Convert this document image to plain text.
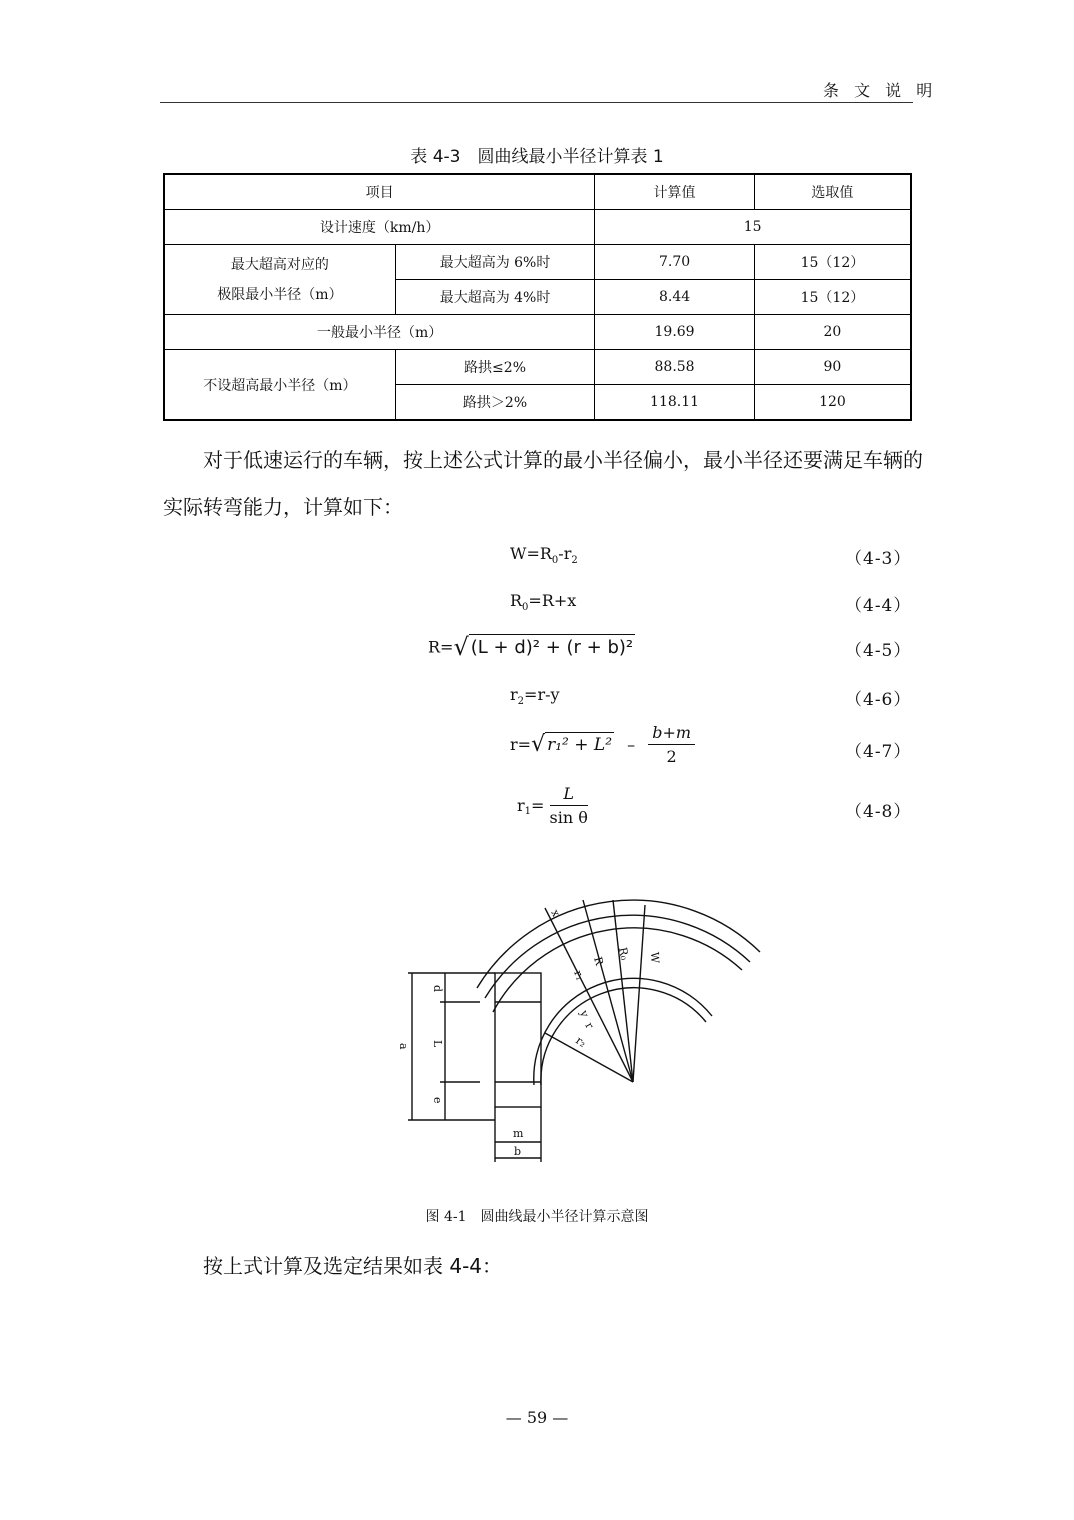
条 文 说 明
表 4-3　圆曲线最小半径计算表 1
项目		计算值	选取值
设计速度（km/h）		15	
最大超高对应的
极限最小半径（m）	最大超高为 6%时	7.70	15（12）
	最大超高为 4%时	8.44	15（12）
一般最小半径（m）		19.69	20
不设超高最小半径（m）	路拱≤2%	88.58	90
	路拱＞2%	118.11	120
对于低速运行的车辆，按上述公式计算的最小半径偏小，最小半径还要满足车辆的实际转弯能力，计算如下：
$W=R_0-r_2$	（4-3）
$R_0=R+x$	（4-4）
R=√ (L + d)² + (r + b)²	（4-5）
$r_2=r-y$	（4-6）
r=√ $r_1^2 + L^2 - \frac{b+m}{2}$	（4-7）
$r_1= \frac{L}{\text{sin θ}}$	（4-8）
x
R
R₀ W
r₁
y
r
r₂
d
L
e
a
m
b
图 4-1　圆曲线最小半径计算示意图
按上式计算及选定结果如表 4-4：
— 59 —
